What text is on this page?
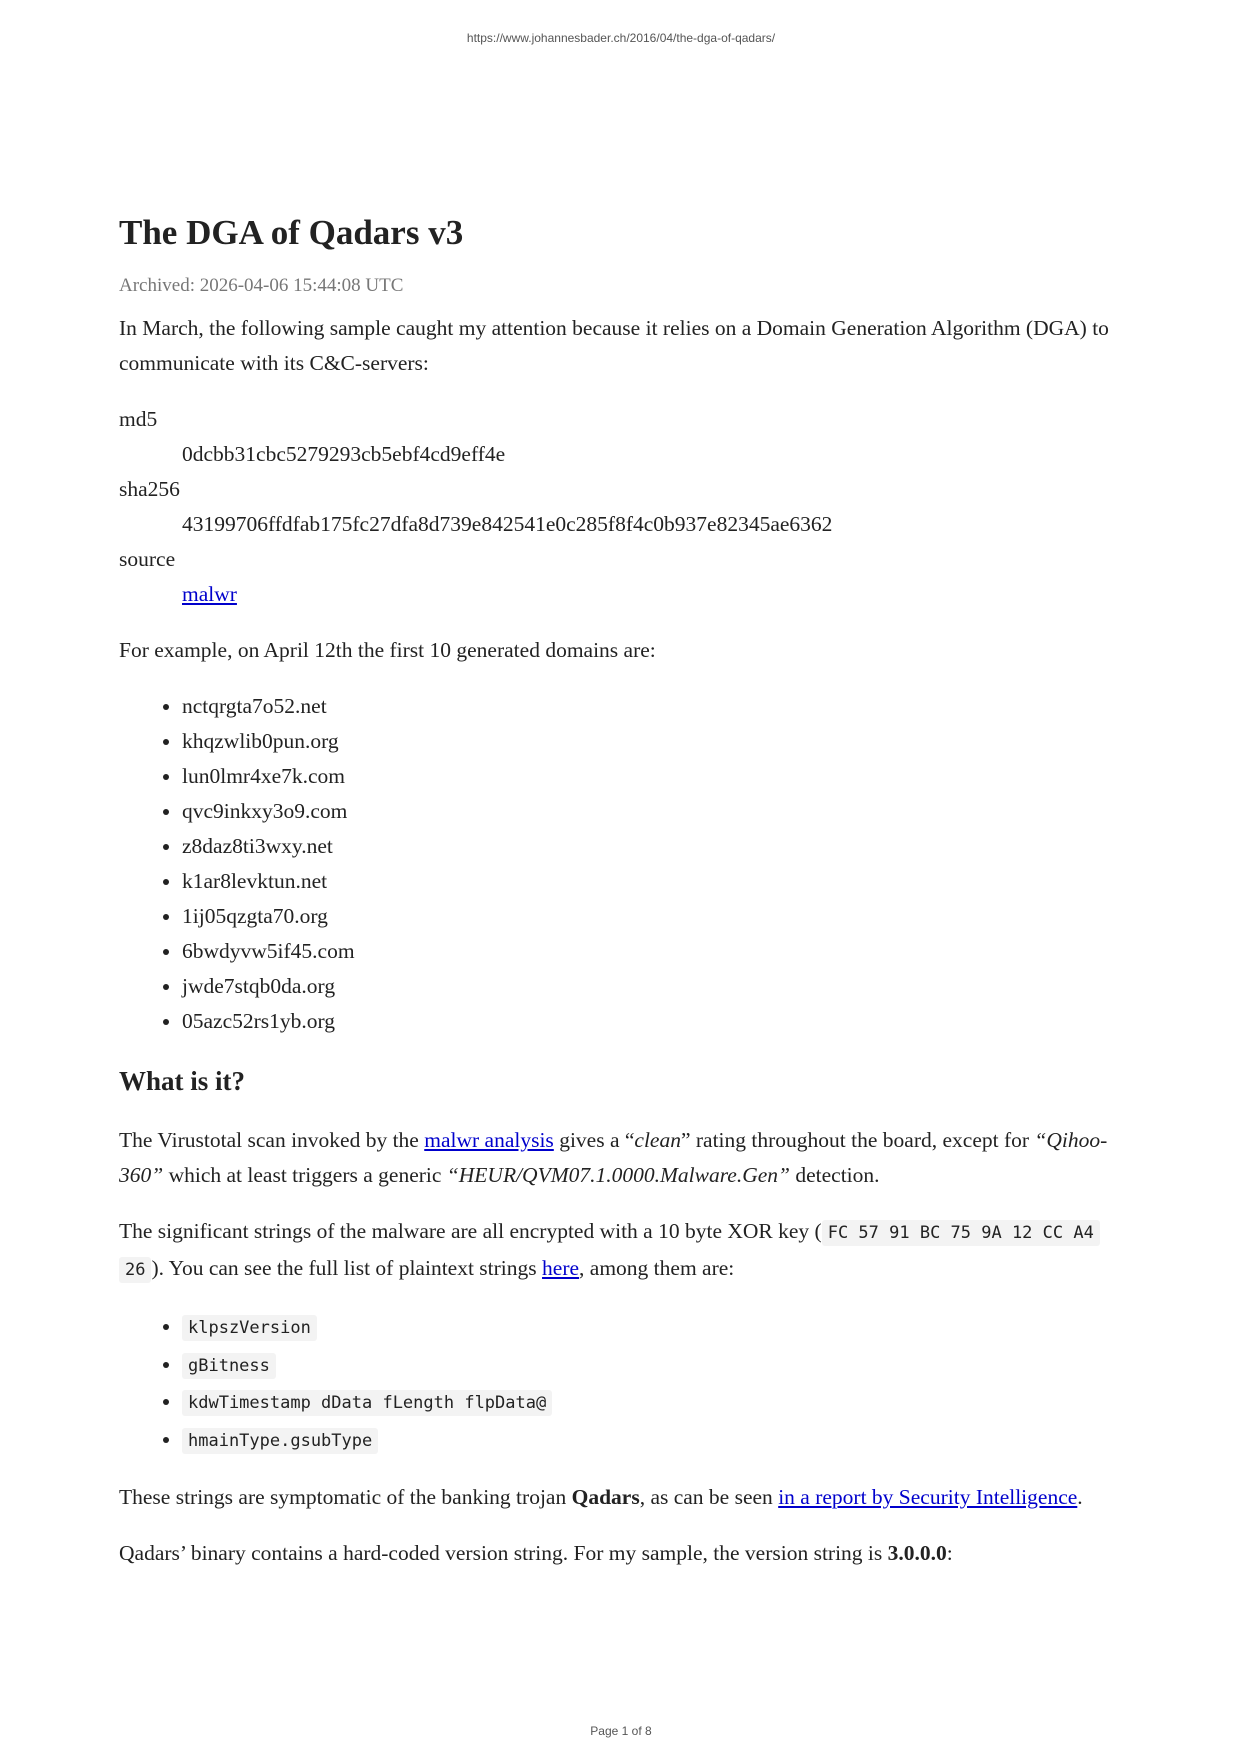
https://www.johannesbader.ch/2016/04/the-dga-of-qadars/
The DGA of Qadars v3
Archived: 2026-04-06 15:44:08 UTC

In March, the following sample caught my attention because it relies on a Domain Generation Algorithm (DGA) to communicate with its C&C-servers:

md5
0dcbb31cbc5279293cb5ebf4cd9eff4e
sha256
43199706ffdfab175fc27dfa8d739e842541e0c285f8f4c0b937e82345ae6362
source
malwr

For example, on April 12th the first 10 generated domains are:

• nctqrgta7o52.net
• khqzwlib0pun.org
• lun0lmr4xe7k.com
• qvc9inkxy3o9.com
• z8daz8ti3wxy.net
• k1ar8levktun.net
• 1ij05qzgta70.org
• 6bwdyvw5if45.com
• jwde7stqb0da.org
• 05azc52rs1yb.org
What is it?

The Virustotal scan invoked by the malwr analysis gives a “clean” rating throughout the board, except for “Qihoo-360” which at least triggers a generic “HEUR/QVM07.1.0000.Malware.Gen” detection.

The significant strings of the malware are all encrypted with a 10 byte XOR key ( FC 57 91 BC 75 9A 12 CC A4
26 ). You can see the full list of plaintext strings here, among them are:

• klpszVersion
• gBitness
• kdwTimestamp dData fLength flpData@
• hmainType.gsubType

These strings are symptomatic of the banking trojan Qadars, as can be seen in a report by Security Intelligence.

Qadars’ binary contains a hard-coded version string. For my sample, the version string is 3.0.0.0:

Page 1 of 8
